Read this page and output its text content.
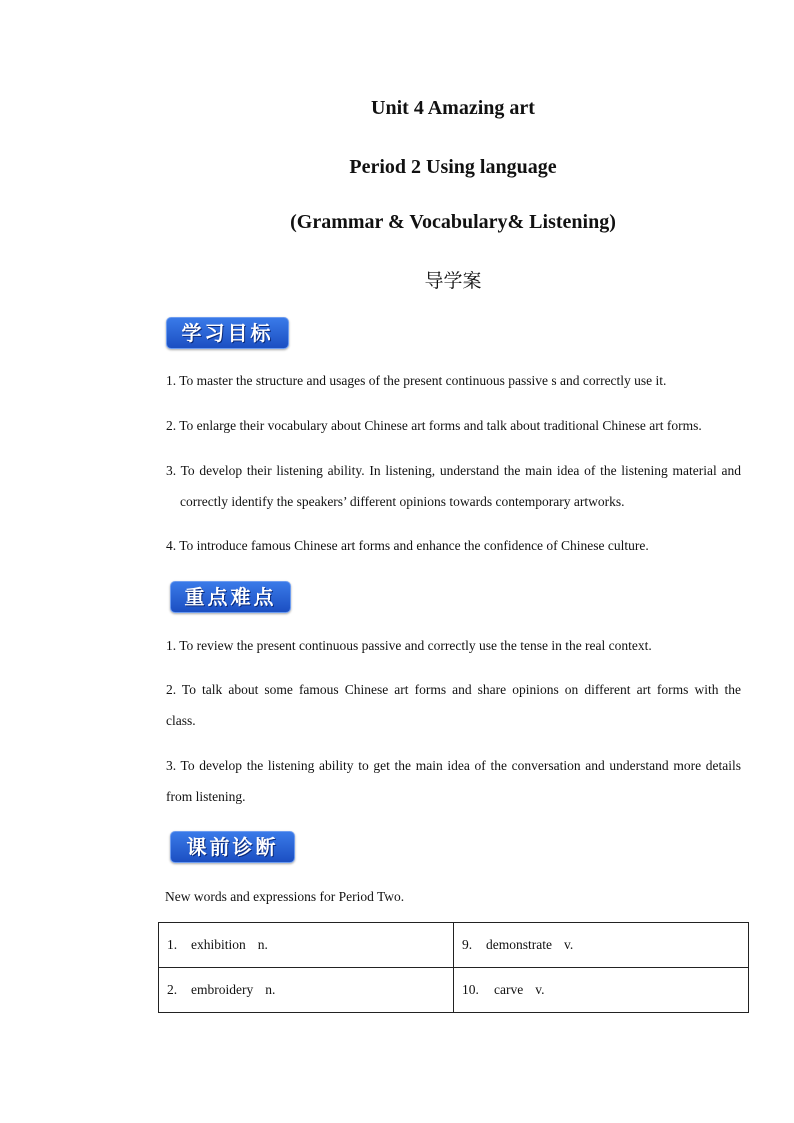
Unit 4 Amazing art
Period 2 Using language
(Grammar & Vocabulary& Listening)
导学案
学习目标
1. To master the structure and usages of the present continuous passive s and correctly use it.
2. To enlarge their vocabulary about Chinese art forms and talk about traditional Chinese art forms.
3. To develop their listening ability. In listening, understand the main idea of the listening material and
correctly identify the speakers’ different opinions towards contemporary artworks.
4. To introduce famous Chinese art forms and enhance the confidence of Chinese culture.
重点难点
1. To review the present continuous passive and correctly use the tense in the real context.
2. To talk about some famous Chinese art forms and share opinions on different art forms with the
class.
3. To develop the listening ability to get the main idea of the conversation and understand more details
from listening.
课前诊断
New words and expressions for Period Two.
1. exhibition n.	9. demonstrate v.
2. embroidery n.	10. carve v.
